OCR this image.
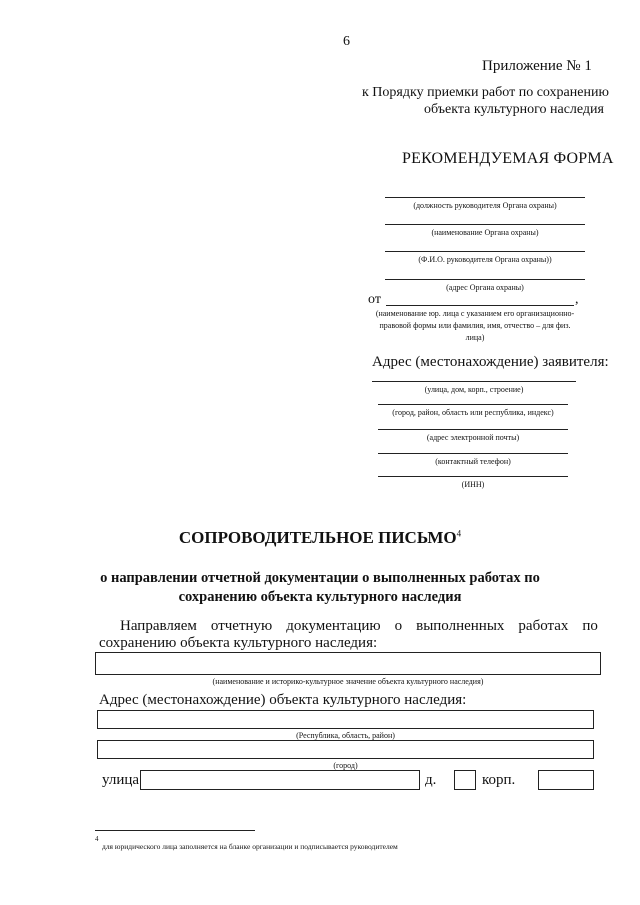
6
Приложение № 1
к Порядку приемки работ по сохранению
объекта культурного наследия
РЕКОМЕНДУЕМАЯ ФОРМА
(должность руководителя Органа охраны)
(наименование Органа охраны)
(Ф.И.О. руководителя Органа охраны))
(адрес Органа охраны)
от	,
(наименование юр. лица с указанием его организационно-
правовой формы или фамилия, имя, отчество – для физ.
лица)
Адрес (местонахождение) заявителя:
(улица, дом, корп., строение)
(город, район, область или республика, индекс)
(адрес электронной почты)
(контактный телефон)
(ИНН)
СОПРОВОДИТЕЛЬНОЕ ПИСЬМО$^4$
о направлении отчетной документации о выполненных работах по
сохранению объекта культурного наследия
Направляем отчетную документацию о выполненных работах по
сохранению объекта культурного наследия:
(наименование и историко-культурное значение объекта культурного наследия)
Адрес (местонахождение) объекта культурного наследия:
(Республика, область, район)
(город)
улица	д.	корп.
4
для юридического лица заполняется на бланке организации и подписывается руководителем
